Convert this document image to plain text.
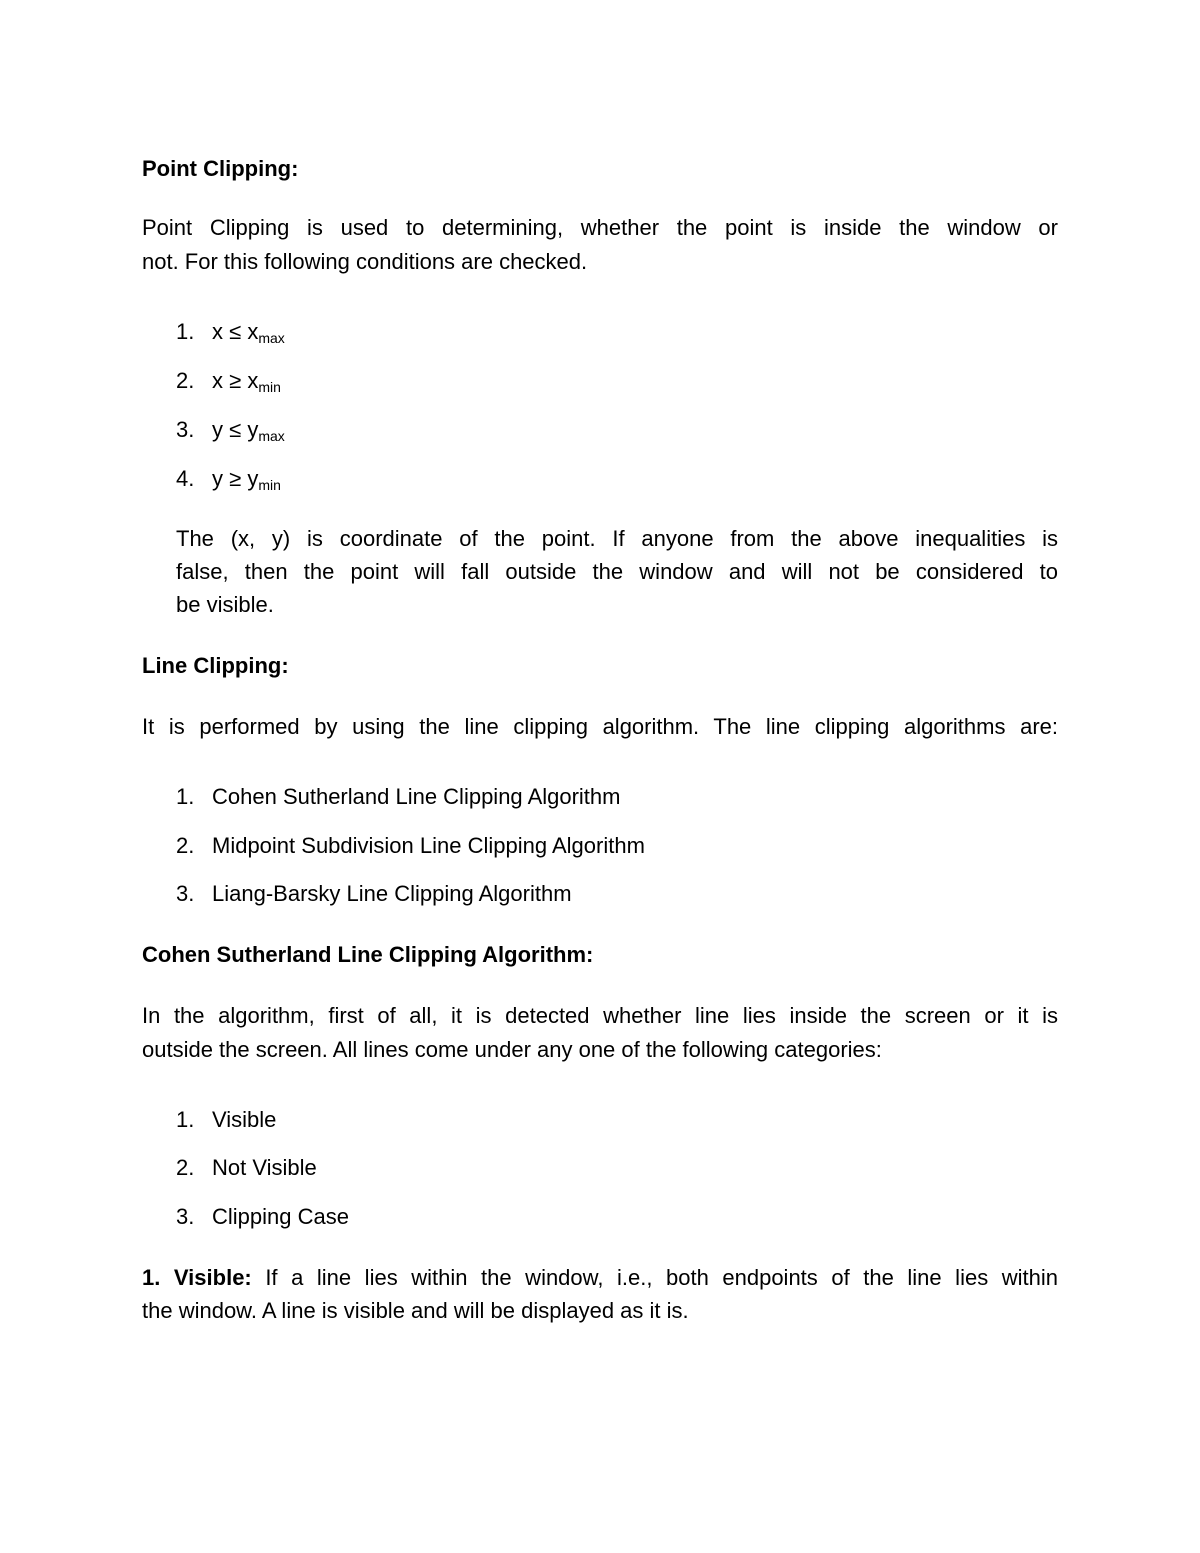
Point Clipping:
Point Clipping is used to determining, whether the point is inside the window or
not. For this following conditions are checked.
1. $x \le x_{max}$
2. $x \ge x_{min}$
3. $y \le y_{max}$
4. $y \ge y_{min}$
The (x, y) is coordinate of the point. If anyone from the above inequalities is
false, then the point will fall outside the window and will not be considered to
be visible.
Line Clipping:
It is performed by using the line clipping algorithm. The line clipping algorithms are:
1. Cohen Sutherland Line Clipping Algorithm
2. Midpoint Subdivision Line Clipping Algorithm
3. Liang-Barsky Line Clipping Algorithm
Cohen Sutherland Line Clipping Algorithm:
In the algorithm, first of all, it is detected whether line lies inside the screen or it is
outside the screen. All lines come under any one of the following categories:
1. Visible
2. Not Visible
3. Clipping Case
1. Visible: If a line lies within the window, i.e., both endpoints of the line lies within
the window. A line is visible and will be displayed as it is.
